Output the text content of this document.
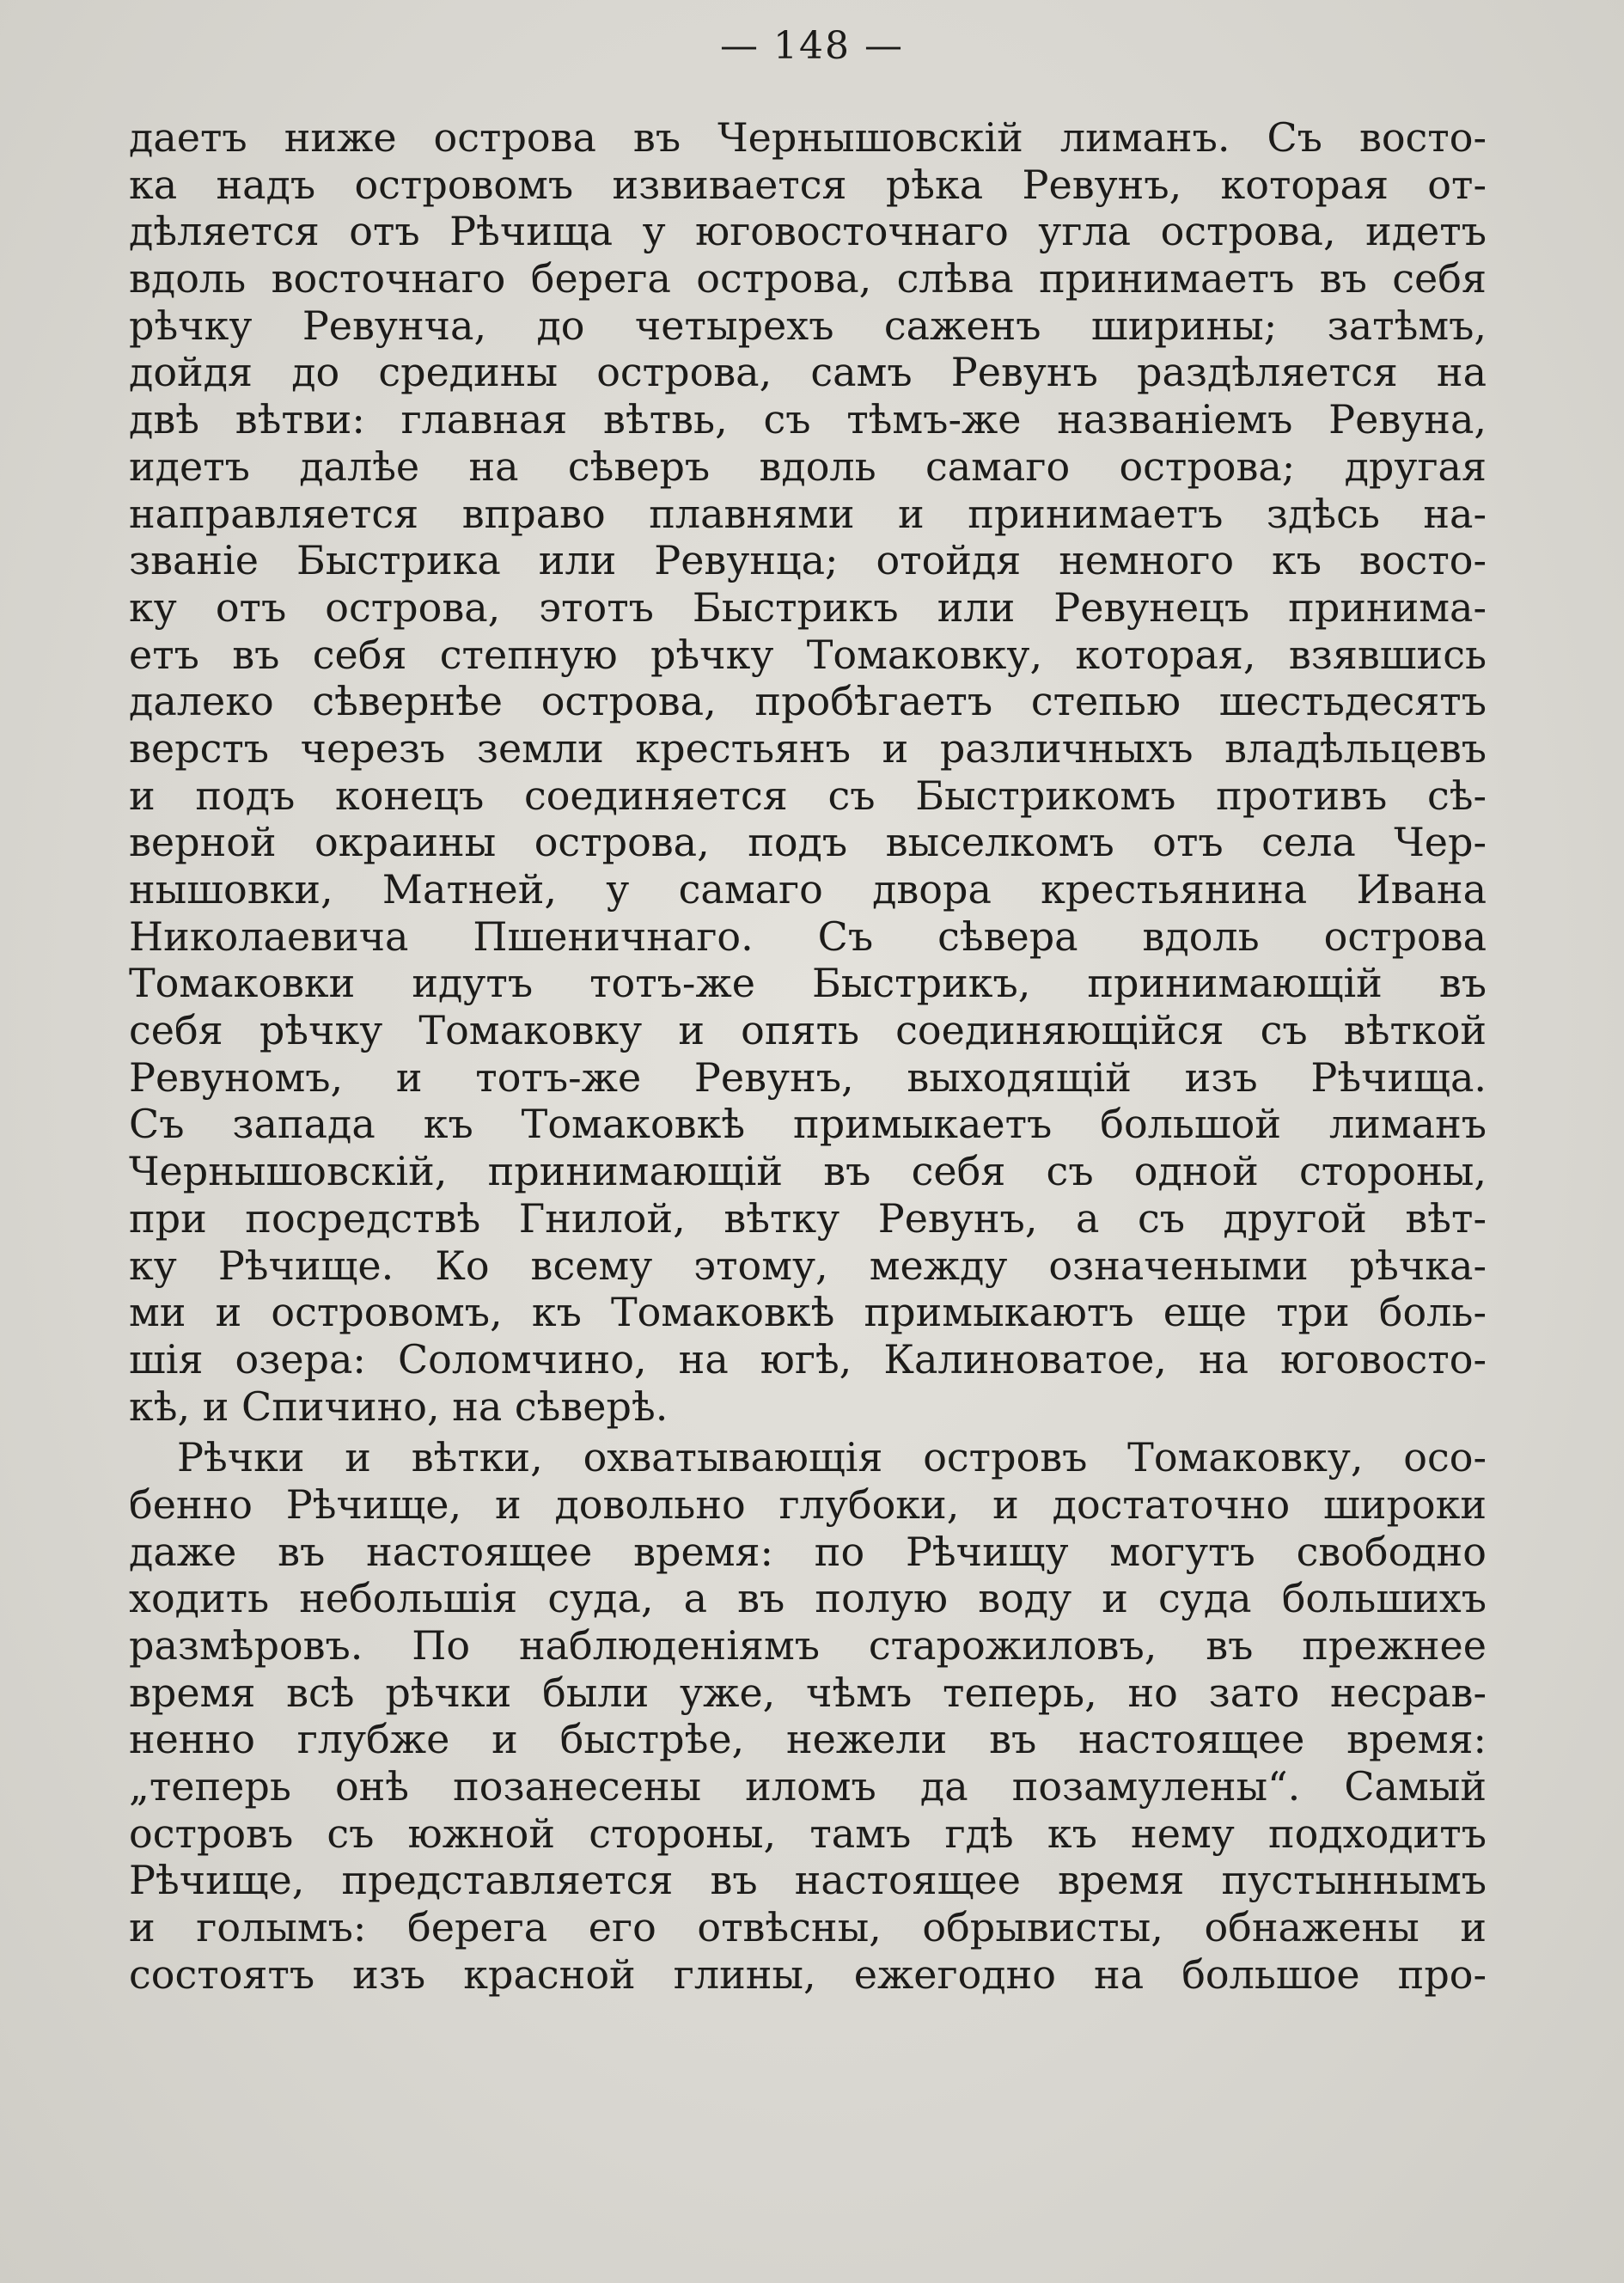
— 148 —
даетъ ниже острова въ Чернышовскій лиманъ. Съ восто-
ка надъ островомъ извивается рѣка Ревунъ, которая от-
дѣляется отъ Рѣчища у юговосточнаго угла острова, идетъ
вдоль восточнаго берега острова, слѣва принимаетъ въ себя
рѣчку Ревунча, до четырехъ саженъ ширины; затѣмъ,
дойдя до средины острова, самъ Ревунъ раздѣляется на
двѣ вѣтви: главная вѣтвь, съ тѣмъ-же названіемъ Ревуна,
идетъ далѣе на сѣверъ вдоль самаго острова; другая
направляется вправо плавнями и принимаетъ здѣсь на-
званіе Быстрика или Ревунца; отойдя немного къ восто-
ку отъ острова, этотъ Быстрикъ или Ревунецъ принима-
етъ въ себя степную рѣчку Томаковку, которая, взявшись
далеко сѣвернѣе острова, пробѣгаетъ степью шестьдесятъ
верстъ черезъ земли крестьянъ и различныхъ владѣльцевъ
и подъ конецъ соединяется съ Быстрикомъ противъ сѣ-
верной окраины острова, подъ выселкомъ отъ села Чер-
нышовки, Матней, у самаго двора крестьянина Ивана
Николаевича Пшеничнаго. Съ сѣвера вдоль острова
Томаковки идутъ тотъ-же Быстрикъ, принимающій въ
себя рѣчку Томаковку и опять соединяющійся съ вѣткой
Ревуномъ, и тотъ-же Ревунъ, выходящій изъ Рѣчища.
Съ запада къ Томаковкѣ примыкаетъ большой лиманъ
Чернышовскій, принимающій въ себя съ одной стороны,
при посредствѣ Гнилой, вѣтку Ревунъ, а съ другой вѣт-
ку Рѣчище. Ко всему этому, между означеными рѣчка-
ми и островомъ, къ Томаковкѣ примыкаютъ еще три боль-
шія озера: Соломчино, на югѣ, Калиноватое, на юговосто-
кѣ, и Спичино, на сѣверѣ.
Рѣчки и вѣтки, охватывающія островъ Томаковку, осо-
бенно Рѣчище, и довольно глубоки, и достаточно широки
даже въ настоящее время: по Рѣчищу могутъ свободно
ходить небольшія суда, а въ полую воду и суда большихъ
размѣровъ. По наблюденіямъ старожиловъ, въ прежнее
время всѣ рѣчки были уже, чѣмъ теперь, но зато несрав-
ненно глубже и быстрѣе, нежели въ настоящее время:
„теперь онѣ позанесены иломъ да позамулены“. Самый
островъ съ южной стороны, тамъ гдѣ къ нему подходитъ
Рѣчище, представляется въ настоящее время пустыннымъ
и голымъ: берега его отвѣсны, обрывисты, обнажены и
состоятъ изъ красной глины, ежегодно на большое про-
